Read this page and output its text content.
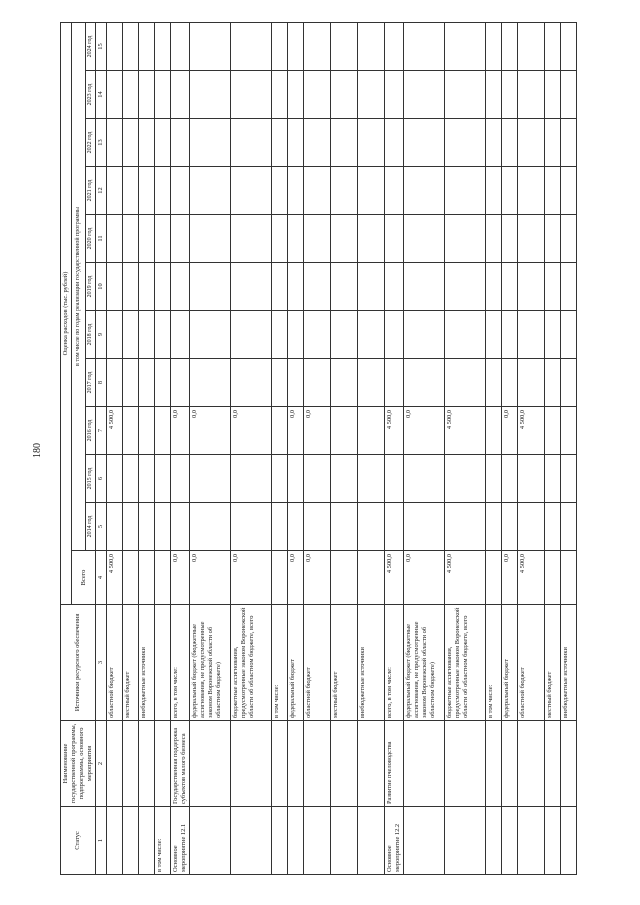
180
Статус	Наименование государственной программы, подпрограммы, основного мероприятия	Источники ресурсного обеспечения	Оценка расходов (тыс. рублей)											
			Всего	в том числе по годам реализации государственной программы										
				2014 год	2015 год	2016 год	2017 год	2018 год	2019 год	2020 год	2021 год	2022 год	2023 год	2024 год
1	2	3	4	5	6	7	8	9	10	11	12	13	14	15
		областной бюджет	4 500,0			4 500,0								
		местный бюджет												
		внебюджетные источники												
в том числе:														
Основное мероприятие 12.1	Государственная поддержка субъектов малого бизнеса	всего, в том числе:	0,0			0,0								
		федеральный бюджет (бюджетные ассигнования, не предусмотренные законом Воронежской области об областном бюджете)	0,0			0,0								
		бюджетные ассигнования, предусмотренные законом Воронежской области об областном бюджете, всего	0,0			0,0								
		в том числе:												
		федеральный бюджет	0,0			0,0								
		областной бюджет	0,0			0,0								
		местный бюджет												
		внебюджетные источники												
Основное мероприятие 12.2	Развитие пчеловодства	всего, в том числе:	4 500,0			4 500,0								
		федеральный бюджет (бюджетные ассигнования, не предусмотренные законом Воронежской области об областном бюджете)	0,0			0,0								
		бюджетные ассигнования, предусмотренные законом Воронежской области об областном бюджете, всего	4 500,0			4 500,0								
		в том числе:												
		федеральный бюджет	0,0			0,0								
		областной бюджет	4 500,0			4 500,0								
		местный бюджет												
		внебюджетные источники												
